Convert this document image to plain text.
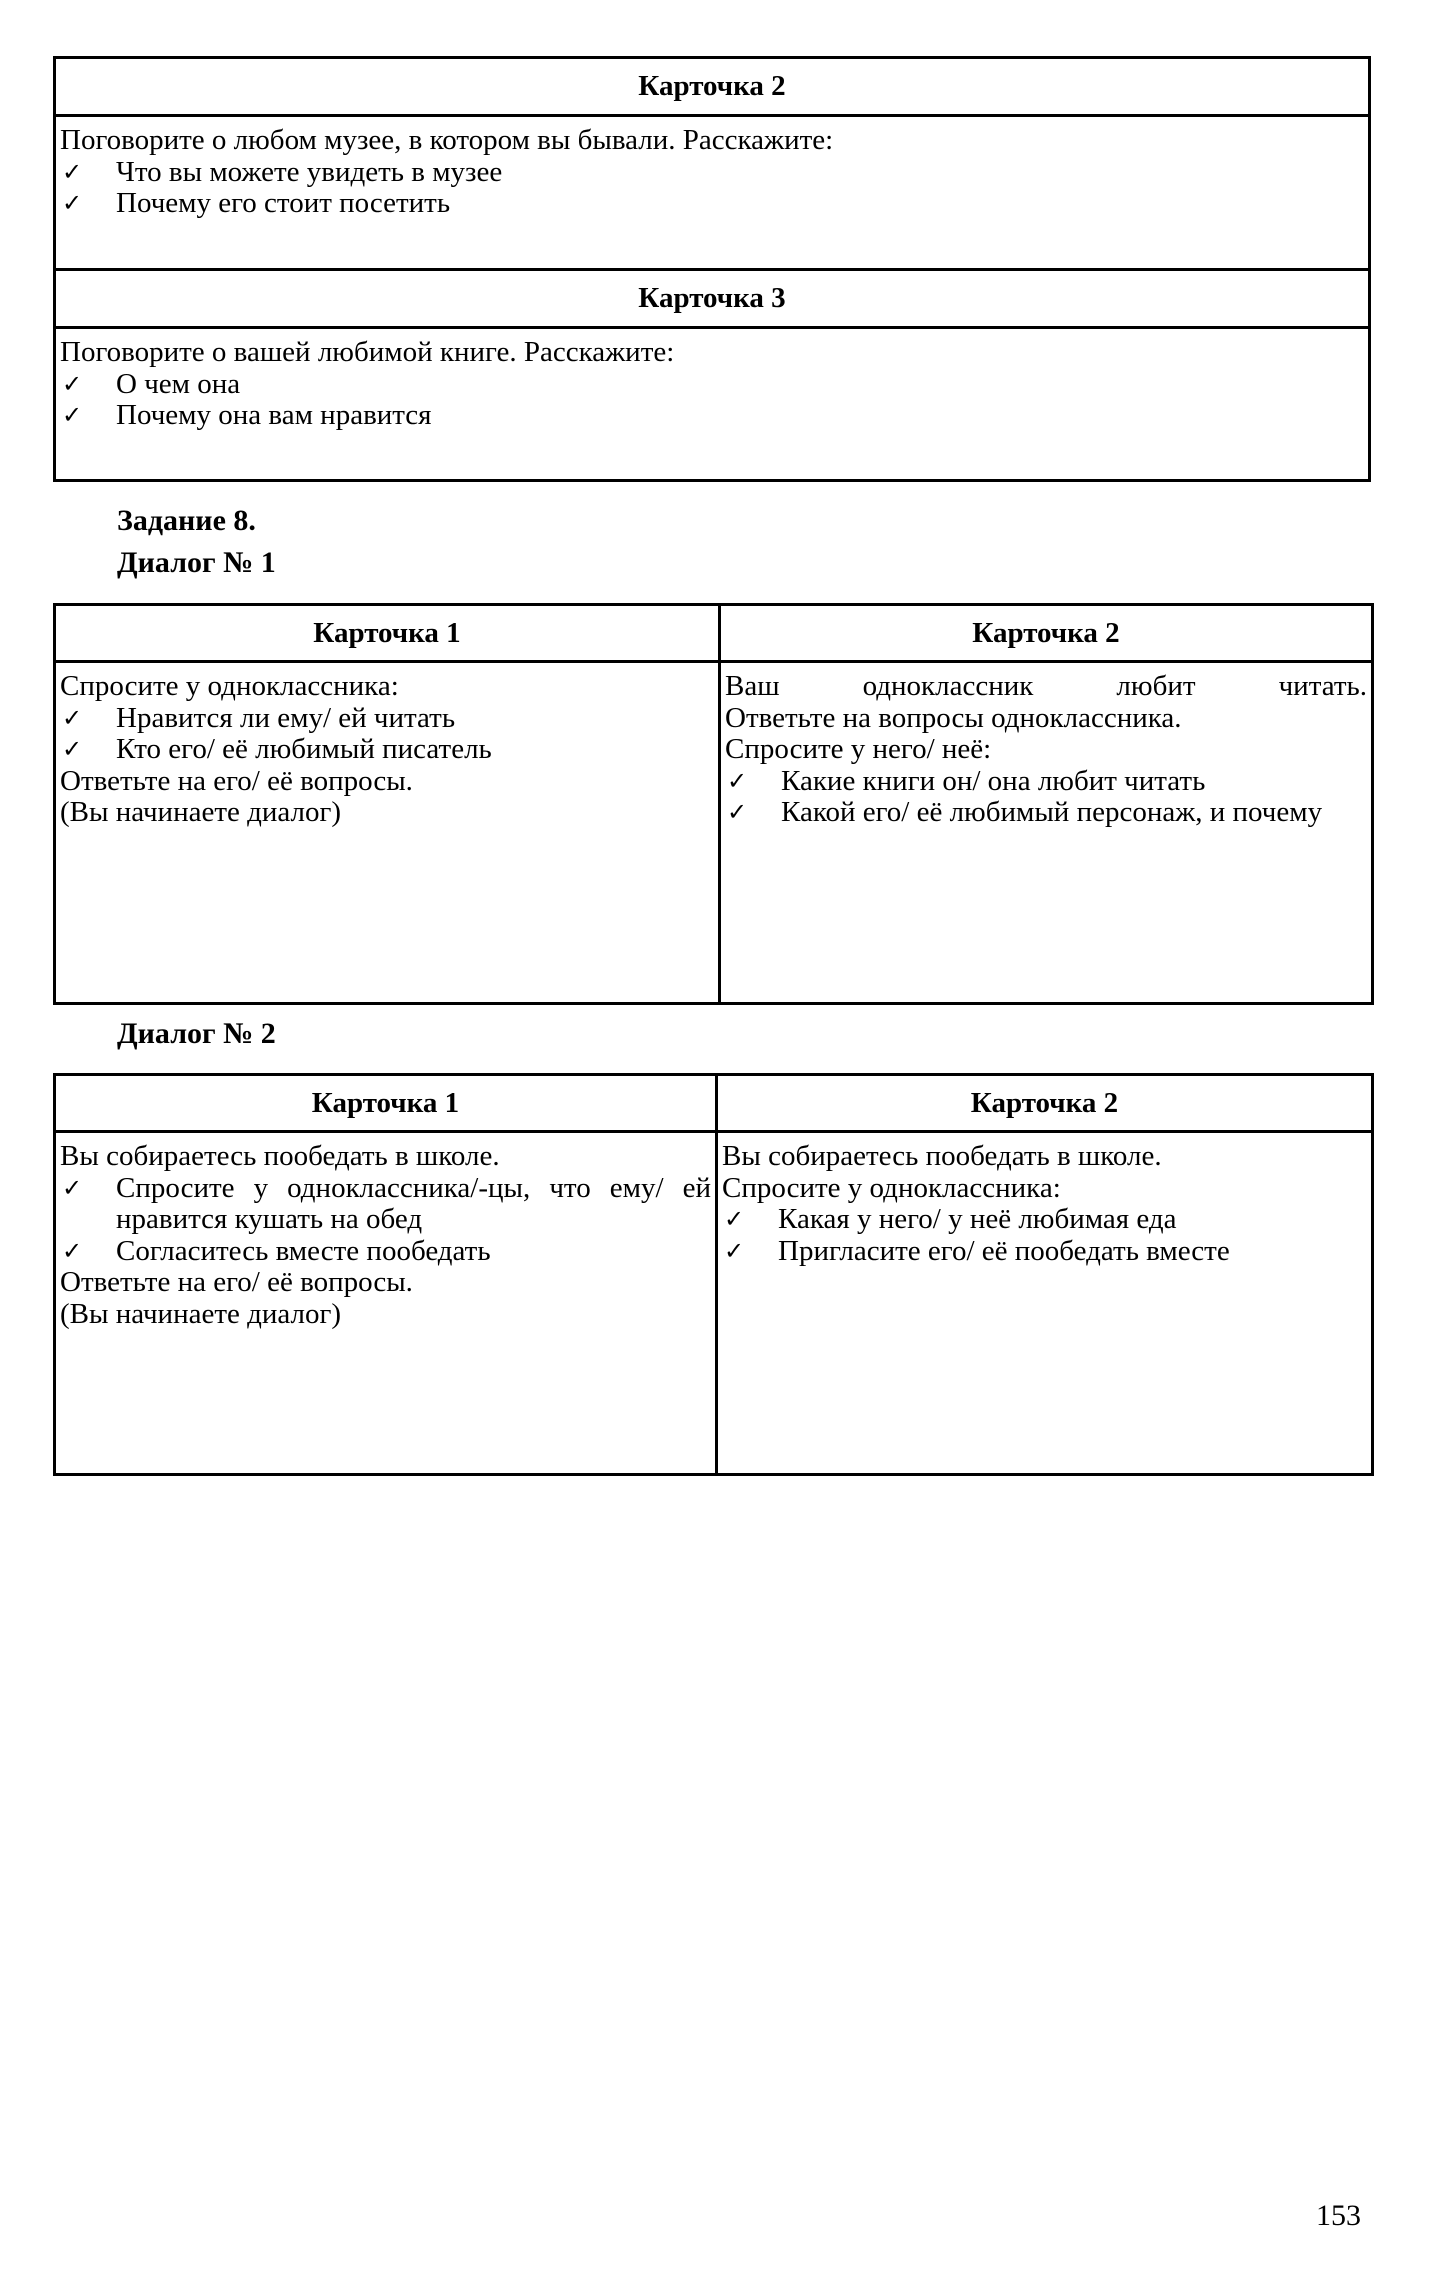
Карточка 2

Поговорите о любом музее, в котором вы бывали. Расскажите:
✓	Что вы можете увидеть в музее
✓	Почему его стоит посетить

Карточка 3

Поговорите о вашей любимой книге. Расскажите:
✓	О чем она
✓	Почему она вам нравится
Задание 8.
Диалог № 1
Карточка 1	Карточка 2

Спросите у одноклассника:
✓	Нравится ли ему/ ей читать
✓	Кто его/ её любимый писатель
Ответьте на его/ её вопросы.
(Вы начинаете диалог)

Ваш одноклассник любит читать.
Ответьте на вопросы одноклассника.
Спросите у него/ неё:
✓	Какие книги он/ она любит читать
✓	Какой его/ её любимый персонаж, и почему
Диалог № 2
Карточка 1	Карточка 2

Вы собираетесь пообедать в школе.
✓	Спросите у одноклассника/-цы, что ему/ ей нравится кушать на обед
✓	Согласитесь вместе пообедать
Ответьте на его/ её вопросы.
(Вы начинаете диалог)

Вы собираетесь пообедать в школе.
Спросите у одноклассника:
✓	Какая у него/ у неё любимая еда
✓	Пригласите его/ её пообедать вместе
153
